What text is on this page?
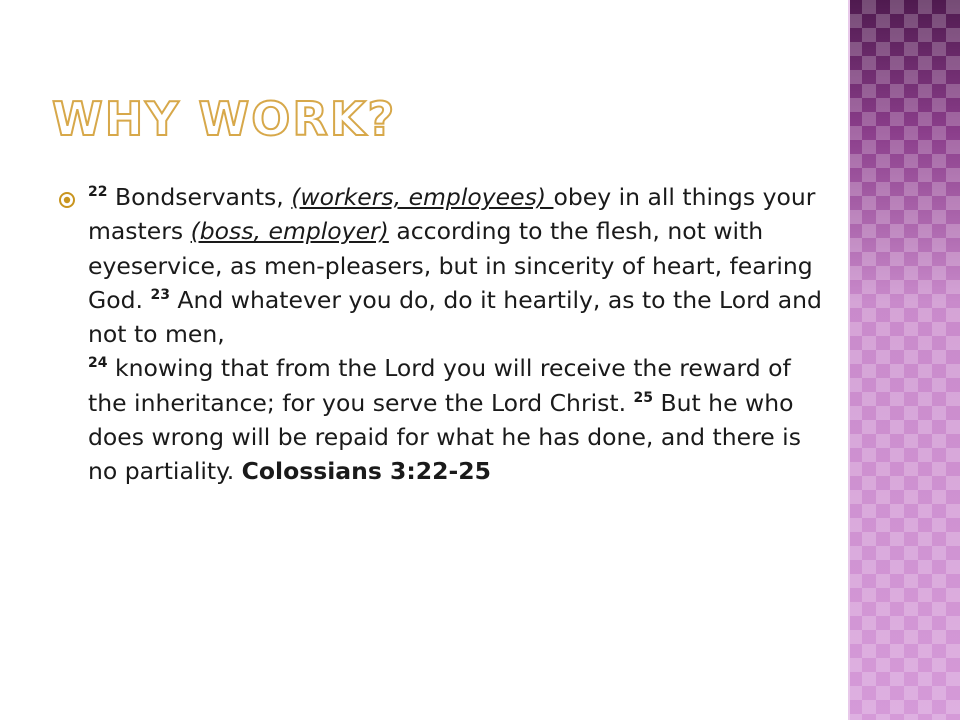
WHY WORK?
$^{22}$ Bondservants, (workers, employees) obey in all things your masters (boss, employer) according to the flesh, not with eyeservice, as men-pleasers, but in sincerity of heart, fearing God. $^{23}$ And whatever you do, do it heartily, as to the Lord and not to men,
$^{24}$ knowing that from the Lord you will receive the reward of the inheritance; for you serve the Lord Christ. $^{25}$ But he who does wrong will be repaid for what he has done, and there is no partiality. Colossians 3:22-25
